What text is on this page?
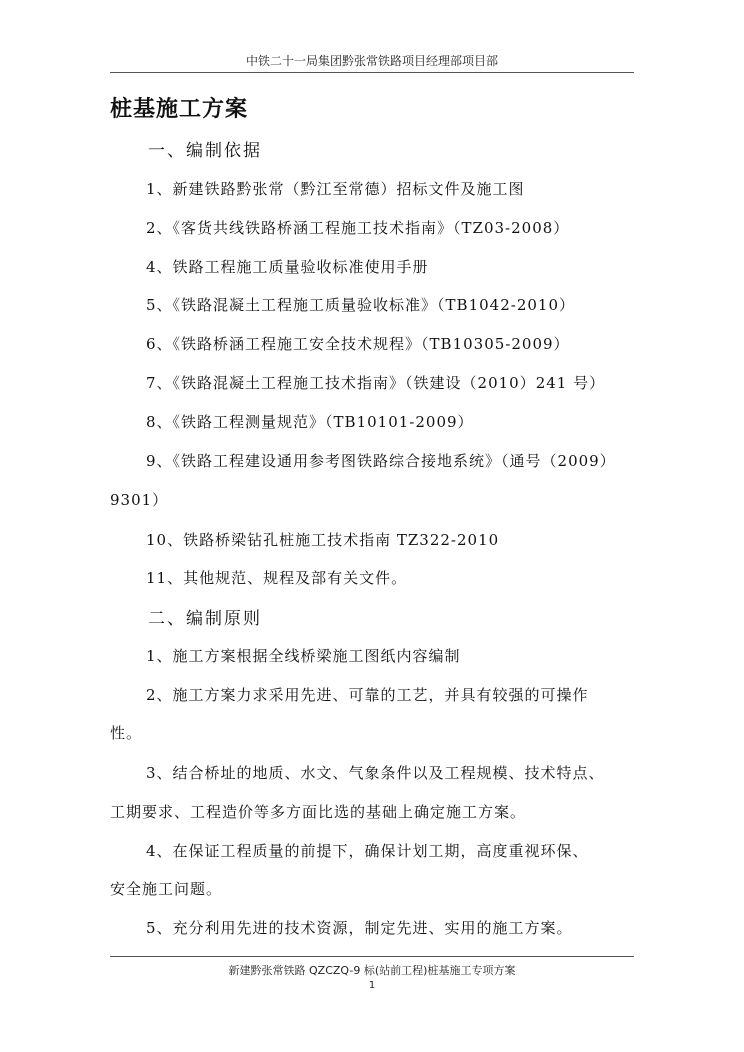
中铁二十一局集团黔张常铁路项目经理部项目部
桩基施工方案
一、编制依据
1、新建铁路黔张常（黔江至常德）招标文件及施工图
2、《客货共线铁路桥涵工程施工技术指南》（TZ03-2008）
4、铁路工程施工质量验收标准使用手册
5、《铁路混凝土工程施工质量验收标准》（TB1042-2010）
6、《铁路桥涵工程施工安全技术规程》（TB10305-2009）
7、《铁路混凝土工程施工技术指南》（铁建设（2010）241 号）
8、《铁路工程测量规范》（TB10101-2009）
9、《铁路工程建设通用参考图铁路综合接地系统》（通号（2009）
9301）
10、铁路桥梁钻孔桩施工技术指南 TZ322-2010
11、其他规范、规程及部有关文件。
二、编制原则
1、施工方案根据全线桥梁施工图纸内容编制
2、施工方案力求采用先进、可靠的工艺，并具有较强的可操作
性。
3、结合桥址的地质、水文、气象条件以及工程规模、技术特点、
工期要求、工程造价等多方面比选的基础上确定施工方案。
4、在保证工程质量的前提下，确保计划工期，高度重视环保、
安全施工问题。
5、充分利用先进的技术资源，制定先进、实用的施工方案。
新建黔张常铁路 QZCZQ-9 标(站前工程)桩基施工专项方案
1
